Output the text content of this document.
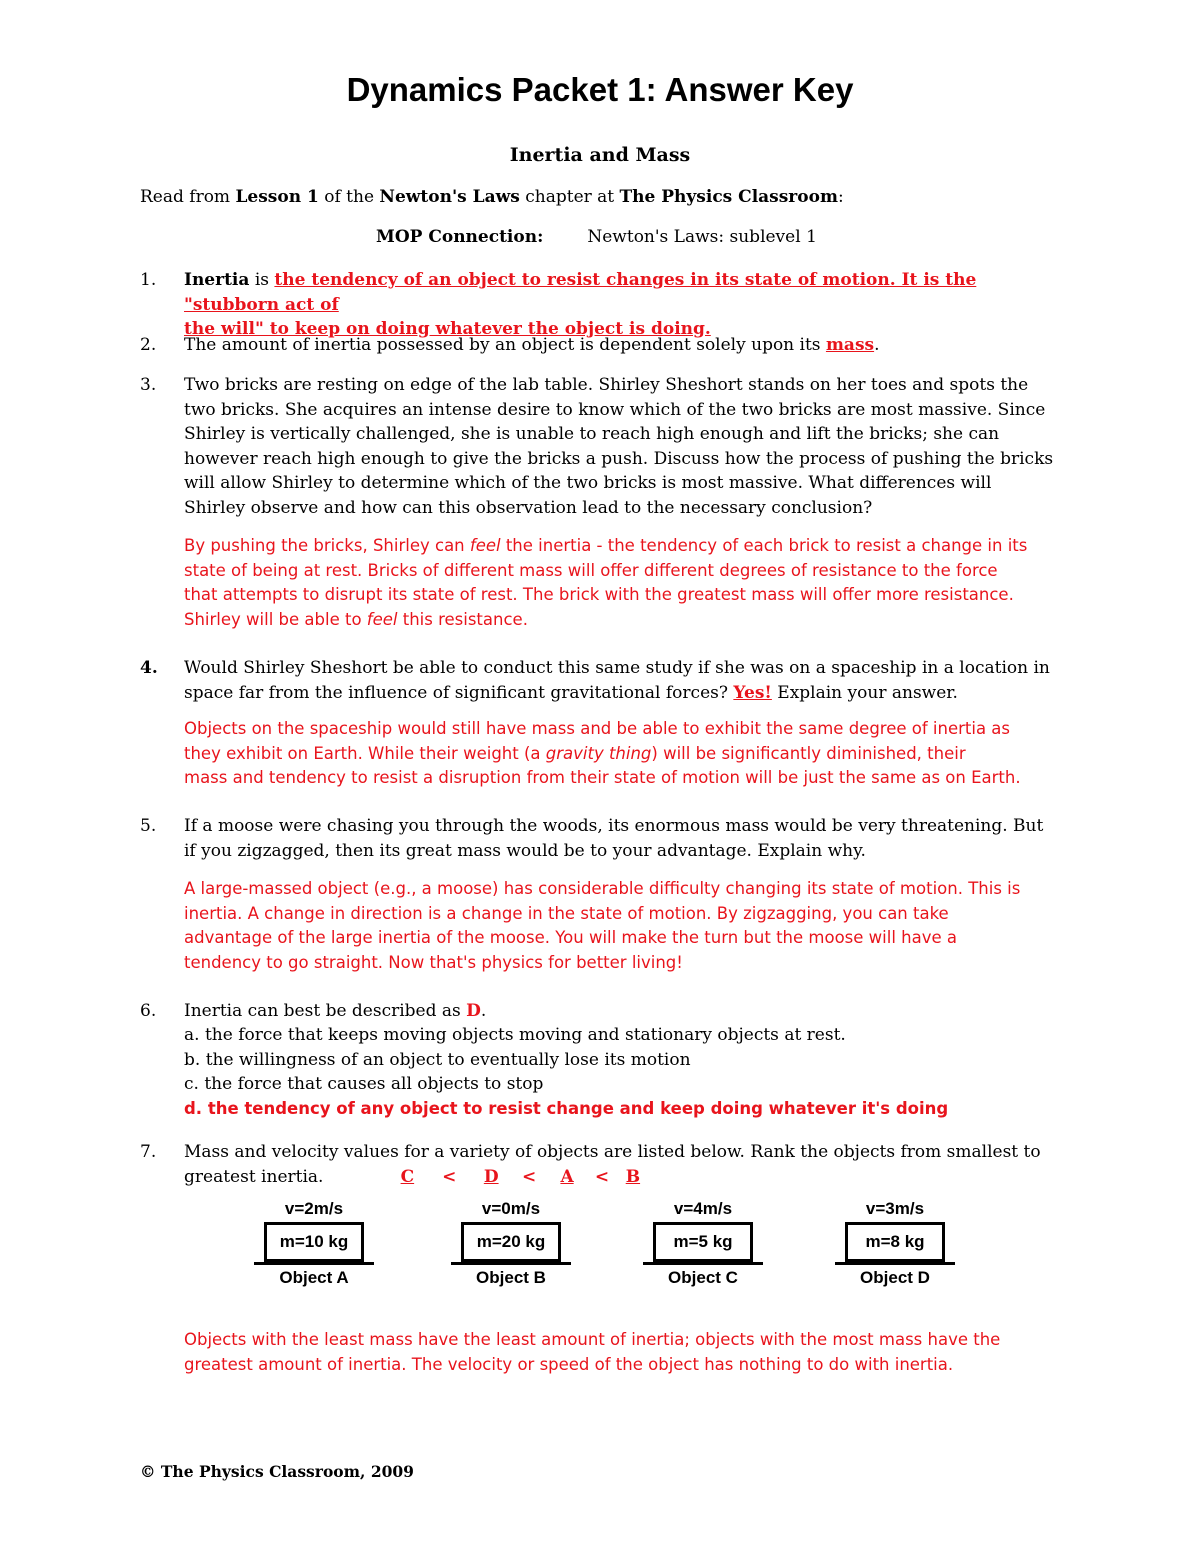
Dynamics Packet 1: Answer Key
Inertia and Mass
Read from Lesson 1 of the Newton's Laws chapter at The Physics Classroom:
MOP Connection:	Newton's Laws: sublevel 1
1. Inertia is the tendency of an object to resist changes in its state of motion. It is the "stubborn act of
the will" to keep on doing whatever the object is doing.
2. The amount of inertia possessed by an object is dependent solely upon its mass.
3. Two bricks are resting on edge of the lab table. Shirley Sheshort stands on her toes and spots the
two bricks. She acquires an intense desire to know which of the two bricks are most massive. Since
Shirley is vertically challenged, she is unable to reach high enough and lift the bricks; she can
however reach high enough to give the bricks a push. Discuss how the process of pushing the bricks
will allow Shirley to determine which of the two bricks is most massive. What differences will
Shirley observe and how can this observation lead to the necessary conclusion?
By pushing the bricks, Shirley can feel the inertia - the tendency of each brick to resist a change in its
state of being at rest. Bricks of different mass will offer different degrees of resistance to the force
that attempts to disrupt its state of rest. The brick with the greatest mass will offer more resistance.
Shirley will be able to feel this resistance.
4. Would Shirley Sheshort be able to conduct this same study if she was on a spaceship in a location in
space far from the influence of significant gravitational forces? Yes! Explain your answer.
Objects on the spaceship would still have mass and be able to exhibit the same degree of inertia as
they exhibit on Earth. While their weight (a gravity thing) will be significantly diminished, their
mass and tendency to resist a disruption from their state of motion will be just the same as on Earth.
5. If a moose were chasing you through the woods, its enormous mass would be very threatening. But
if you zigzagged, then its great mass would be to your advantage. Explain why.
A large-massed object (e.g., a moose) has considerable difficulty changing its state of motion. This is
inertia. A change in direction is a change in the state of motion. By zigzagging, you can take
advantage of the large inertia of the moose. You will make the turn but the moose will have a
tendency to go straight. Now that's physics for better living!
6. Inertia can best be described as D.
a. the force that keeps moving objects moving and stationary objects at rest.
b. the willingness of an object to eventually lose its motion
c. the force that causes all objects to stop
d. the tendency of any object to resist change and keep doing whatever it's doing
7. Mass and velocity values for a variety of objects are listed below. Rank the objects from smallest to
greatest inertia.	C < D < A < B
v=2m/s
m=10 kg
Object A
v=0m/s
m=20 kg
Object B
v=4m/s
m=5 kg
Object C
v=3m/s
m=8 kg
Object D
Objects with the least mass have the least amount of inertia; objects with the most mass have the
greatest amount of inertia. The velocity or speed of the object has nothing to do with inertia.
© The Physics Classroom, 2009
